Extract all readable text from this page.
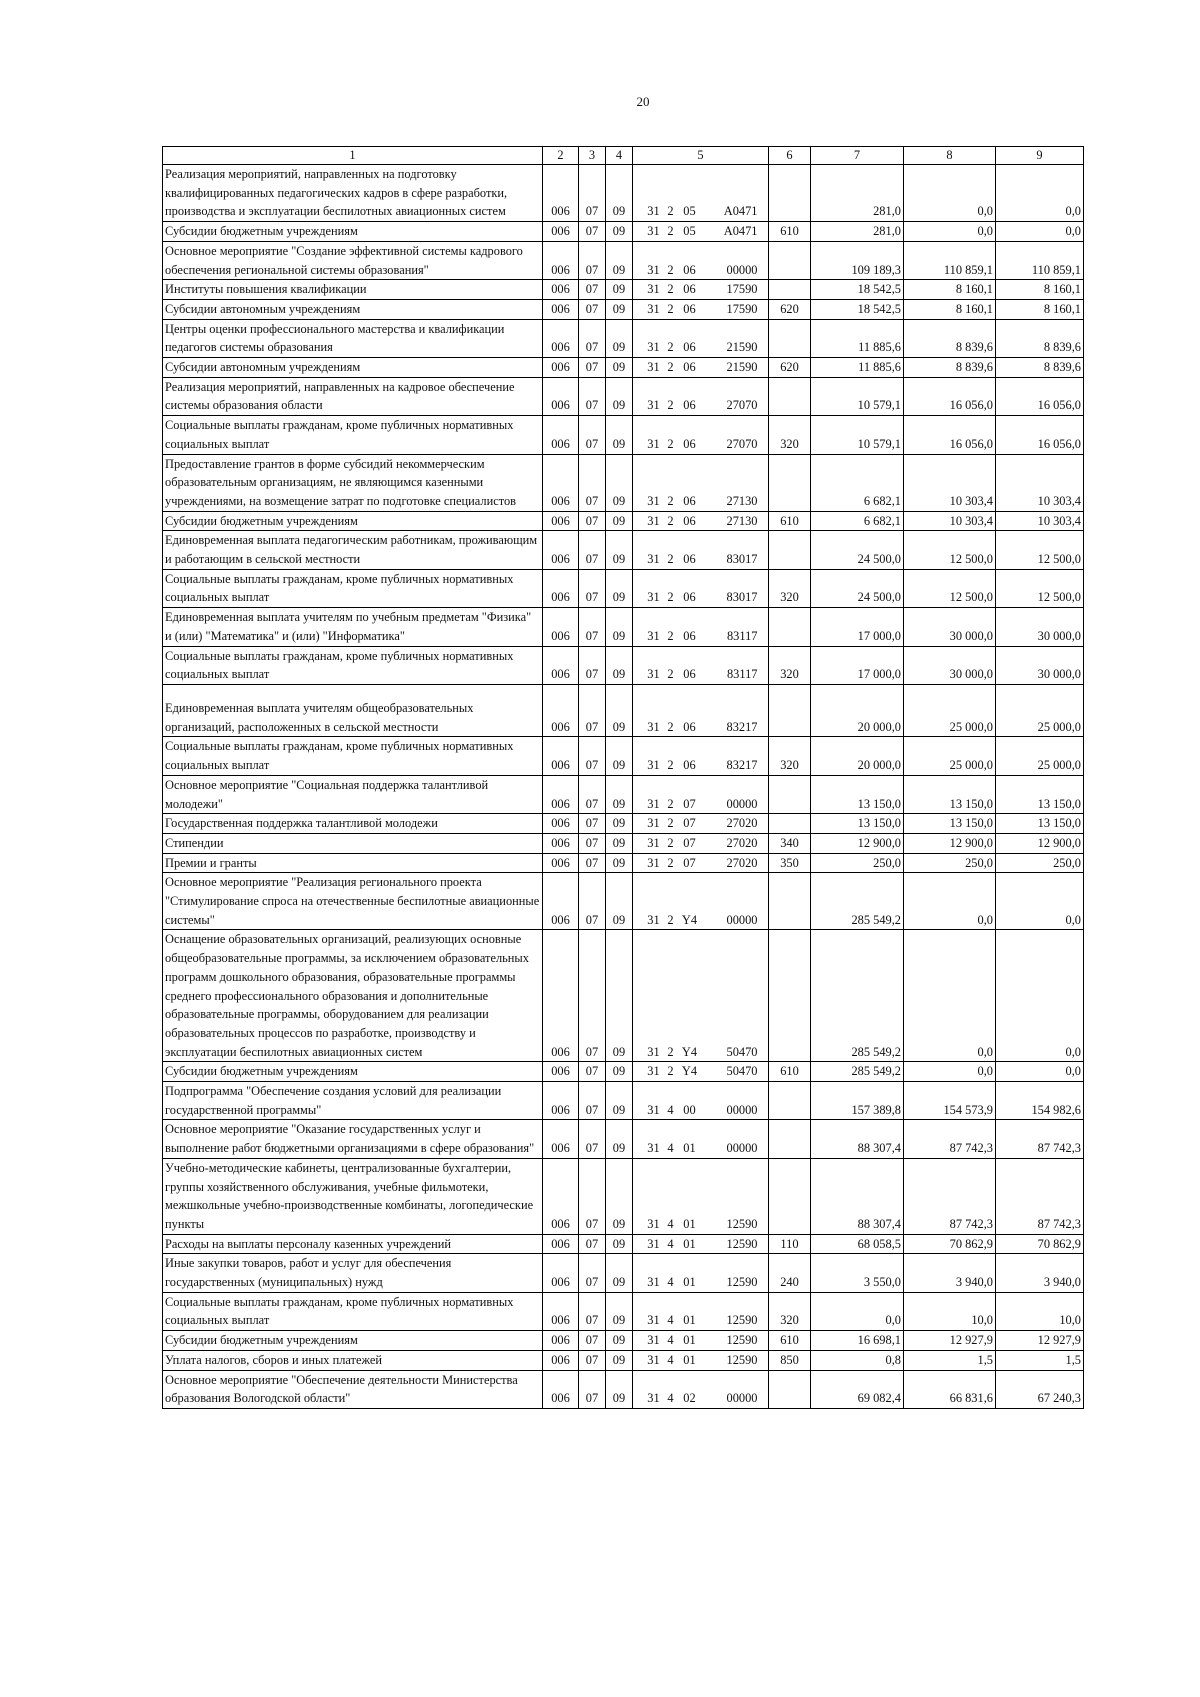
20
1	2	3	4	5	6	7	8	9
Реализация мероприятий, направленных на подготовку квалифицированных педагогических кадров в сфере разработки, производства и эксплуатации беспилотных авиационных систем	006	07	09	31 2 05 А0471		281,0	0,0	0,0
Субсидии бюджетным учреждениям	006	07	09	31 2 05 А0471	610	281,0	0,0	0,0
Основное мероприятие "Создание эффективной системы кадрового обеспечения региональной системы образования"	006	07	09	31 2 06 00000		109 189,3	110 859,1	110 859,1
Институты повышения квалификации	006	07	09	31 2 06 17590		18 542,5	8 160,1	8 160,1
Субсидии автономным учреждениям	006	07	09	31 2 06 17590	620	18 542,5	8 160,1	8 160,1
Центры оценки профессионального мастерства и квалификации педагогов системы образования	006	07	09	31 2 06 21590		11 885,6	8 839,6	8 839,6
Субсидии автономным учреждениям	006	07	09	31 2 06 21590	620	11 885,6	8 839,6	8 839,6
Реализация мероприятий, направленных на кадровое обеспечение системы образования области	006	07	09	31 2 06 27070		10 579,1	16 056,0	16 056,0
Социальные выплаты гражданам, кроме публичных нормативных социальных выплат	006	07	09	31 2 06 27070	320	10 579,1	16 056,0	16 056,0
Предоставление грантов в форме субсидий некоммерческим образовательным организациям, не являющимся казенными учреждениями, на возмещение затрат по подготовке специалистов	006	07	09	31 2 06 27130		6 682,1	10 303,4	10 303,4
Субсидии бюджетным учреждениям	006	07	09	31 2 06 27130	610	6 682,1	10 303,4	10 303,4
Единовременная выплата педагогическим работникам, проживающим и работающим в сельской местности	006	07	09	31 2 06 83017		24 500,0	12 500,0	12 500,0
Социальные выплаты гражданам, кроме публичных нормативных социальных выплат	006	07	09	31 2 06 83017	320	24 500,0	12 500,0	12 500,0
Единовременная выплата учителям по учебным предметам "Физика" и (или) "Математика" и (или) "Информатика"	006	07	09	31 2 06 83117		17 000,0	30 000,0	30 000,0
Социальные выплаты гражданам, кроме публичных нормативных социальных выплат	006	07	09	31 2 06 83117	320	17 000,0	30 000,0	30 000,0
Единовременная выплата учителям общеобразовательных организаций, расположенных в сельской местности	006	07	09	31 2 06 83217		20 000,0	25 000,0	25 000,0
Социальные выплаты гражданам, кроме публичных нормативных социальных выплат	006	07	09	31 2 06 83217	320	20 000,0	25 000,0	25 000,0
Основное мероприятие "Социальная поддержка талантливой молодежи"	006	07	09	31 2 07 00000		13 150,0	13 150,0	13 150,0
Государственная поддержка талантливой молодежи	006	07	09	31 2 07 27020		13 150,0	13 150,0	13 150,0
Стипендии	006	07	09	31 2 07 27020	340	12 900,0	12 900,0	12 900,0
Премии и гранты	006	07	09	31 2 07 27020	350	250,0	250,0	250,0
Основное мероприятие "Реализация регионального проекта "Стимулирование спроса на отечественные беспилотные авиационные системы"	006	07	09	31 2 Y4 00000		285 549,2	0,0	0,0
Оснащение образовательных организаций, реализующих основные общеобразовательные программы, за исключением образовательных программ дошкольного образования, образовательные программы среднего профессионального образования и дополнительные образовательные программы, оборудованием для реализации образовательных процессов по разработке, производству и эксплуатации беспилотных авиационных систем	006	07	09	31 2 Y4 50470		285 549,2	0,0	0,0
Субсидии бюджетным учреждениям	006	07	09	31 2 Y4 50470	610	285 549,2	0,0	0,0
Подпрограмма "Обеспечение создания условий для реализации государственной программы"	006	07	09	31 4 00 00000		157 389,8	154 573,9	154 982,6
Основное мероприятие "Оказание государственных услуг и выполнение работ бюджетными организациями в сфере образования"	006	07	09	31 4 01 00000		88 307,4	87 742,3	87 742,3
Учебно-методические кабинеты, централизованные бухгалтерии, группы хозяйственного обслуживания, учебные фильмотеки, межшкольные учебно-производственные комбинаты, логопедические пункты	006	07	09	31 4 01 12590		88 307,4	87 742,3	87 742,3
Расходы на выплаты персоналу казенных учреждений	006	07	09	31 4 01 12590	110	68 058,5	70 862,9	70 862,9
Иные закупки товаров, работ и услуг для обеспечения государственных (муниципальных) нужд	006	07	09	31 4 01 12590	240	3 550,0	3 940,0	3 940,0
Социальные выплаты гражданам, кроме публичных нормативных социальных выплат	006	07	09	31 4 01 12590	320	0,0	10,0	10,0
Субсидии бюджетным учреждениям	006	07	09	31 4 01 12590	610	16 698,1	12 927,9	12 927,9
Уплата налогов, сборов и иных платежей	006	07	09	31 4 01 12590	850	0,8	1,5	1,5
Основное мероприятие "Обеспечение деятельности Министерства образования Вологодской области"	006	07	09	31 4 02 00000		69 082,4	66 831,6	67 240,3
